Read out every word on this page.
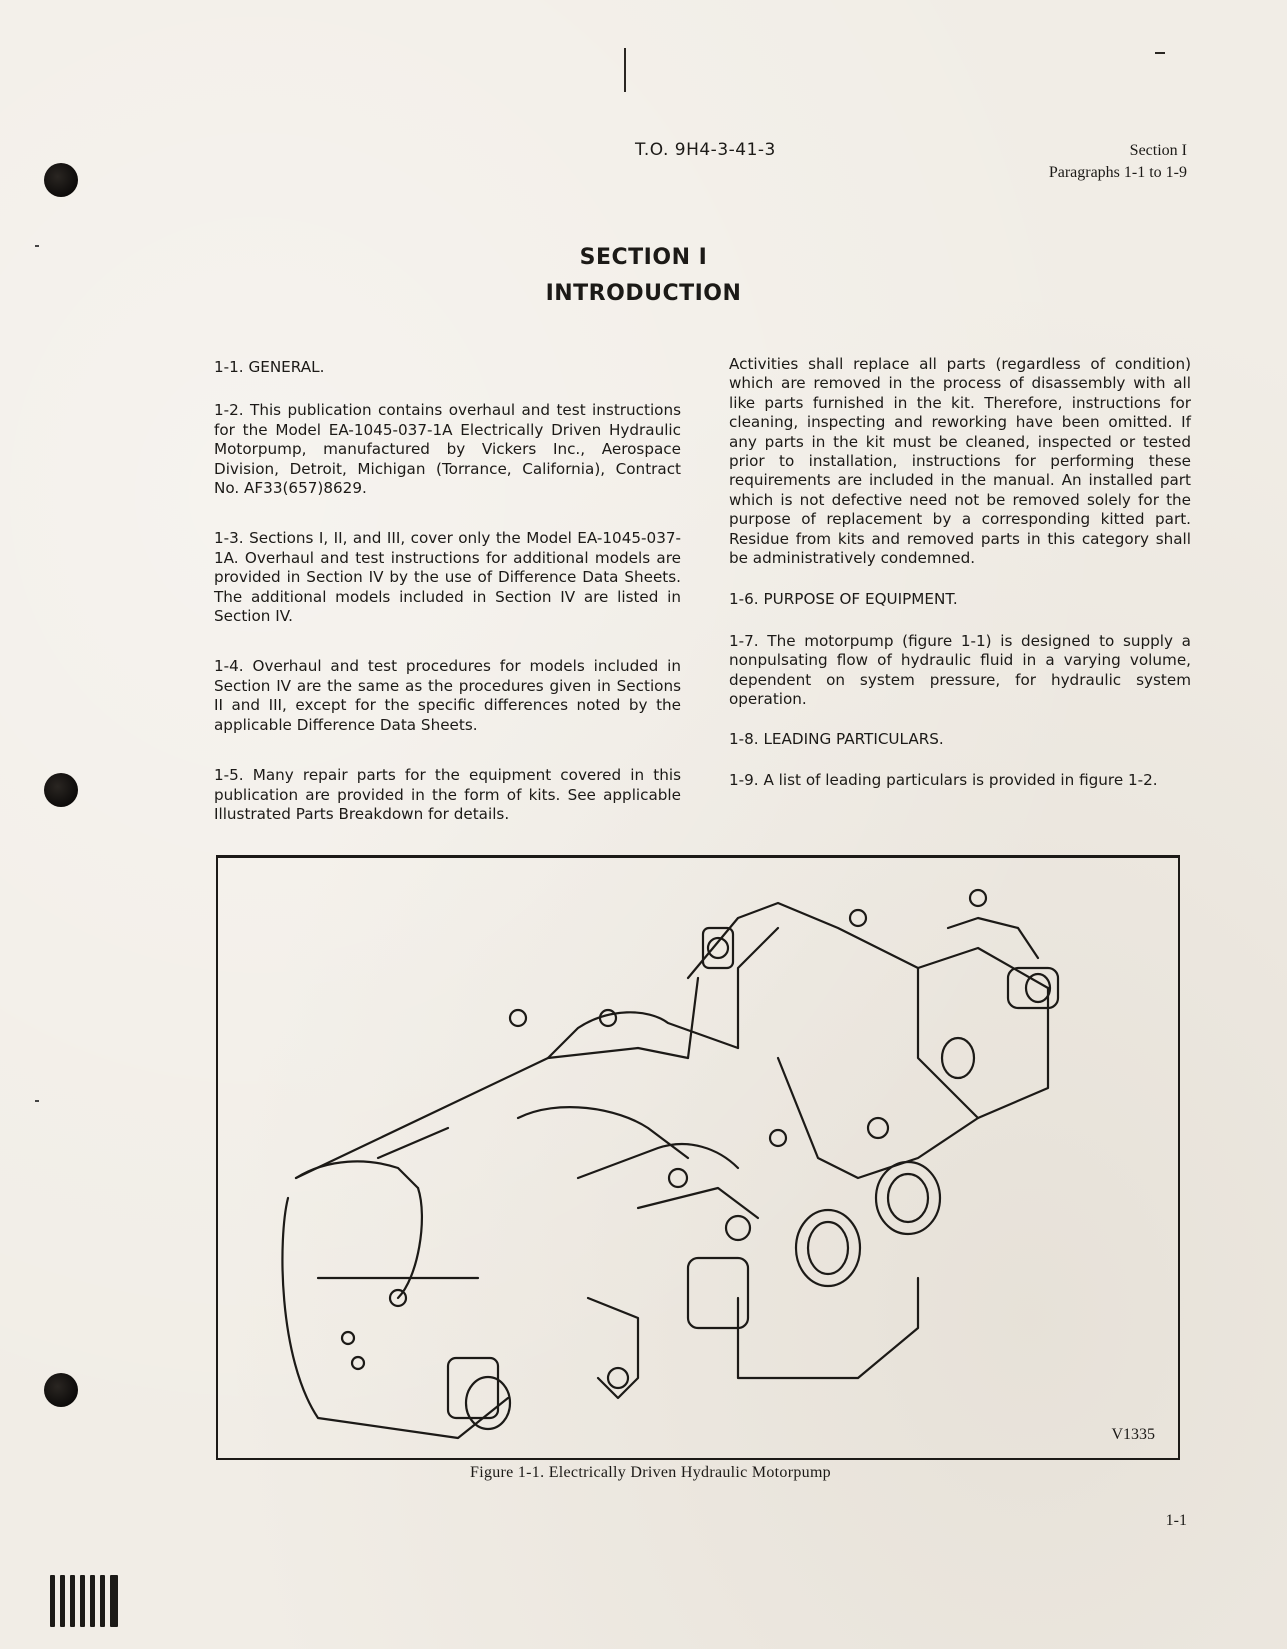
T.O. 9H4-3-41-3	Section I
Paragraphs 1-1 to 1-9
SECTION I
INTRODUCTION

1-1. GENERAL.

1-2. This publication contains overhaul and test instructions for the Model EA-1045-037-1A Electrically Driven Hydraulic Motorpump, manufactured by Vickers Inc., Aerospace Division, Detroit, Michigan (Torrance, California), Contract No. AF33(657)8629.

1-3. Sections I, II, and III, cover only the Model EA-1045-037-1A. Overhaul and test instructions for additional models are provided in Section IV by the use of Difference Data Sheets. The additional models included in Section IV are listed in Section IV.

1-4. Overhaul and test procedures for models included in Section IV are the same as the procedures given in Sections II and III, except for the specific differences noted by the applicable Difference Data Sheets.

1-5. Many repair parts for the equipment covered in this publication are provided in the form of kits. See applicable Illustrated Parts Breakdown for details.

Activities shall replace all parts (regardless of condition) which are removed in the process of disassembly with all like parts furnished in the kit. Therefore, instructions for cleaning, inspecting and reworking have been omitted. If any parts in the kit must be cleaned, inspected or tested prior to installation, instructions for performing these requirements are included in the manual. An installed part which is not defective need not be removed solely for the purpose of replacement by a corresponding kitted part. Residue from kits and removed parts in this category shall be administratively condemned.

1-6. PURPOSE OF EQUIPMENT.

1-7. The motorpump (figure 1-1) is designed to supply a nonpulsating flow of hydraulic fluid in a varying volume, dependent on system pressure, for hydraulic system operation.

1-8. LEADING PARTICULARS.

1-9. A list of leading particulars is provided in figure 1-2.

V1335
Figure 1-1. Electrically Driven Hydraulic Motorpump
1-1
